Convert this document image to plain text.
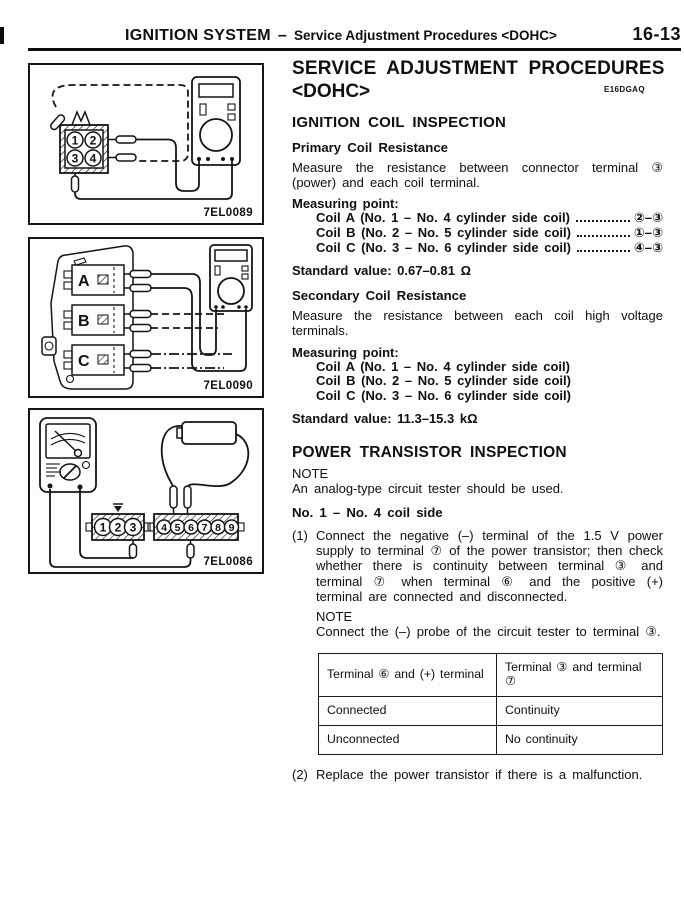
IGNITION SYSTEM – Service Adjustment Procedures <DOHC>	16-13
1 2
3 4
7EL0089
A
B
C
7EL0090
1 2 3 4 5 6 7 8 9
7EL0086
SERVICE ADJUSTMENT PROCEDURES
<DOHC>	E16DGAQ
IGNITION COIL INSPECTION
Primary Coil Resistance
Measure the resistance between connector terminal ③ (power) and each coil terminal.
Measuring point:
Coil A (No. 1 – No. 4 cylinder side coil)	②–③
Coil B (No. 2 – No. 5 cylinder side coil)	①–③
Coil C (No. 3 – No. 6 cylinder side coil)	④–③
Standard value: 0.67–0.81 Ω
Secondary Coil Resistance
Measure the resistance between each coil high voltage terminals.
Measuring point:
Coil A (No. 1 – No. 4 cylinder side coil)
Coil B (No. 2 – No. 5 cylinder side coil)
Coil C (No. 3 – No. 6 cylinder side coil)
Standard value: 11.3–15.3 kΩ
POWER TRANSISTOR INSPECTION
NOTE
An analog-type circuit tester should be used.
No. 1 – No. 4 coil side
(1) Connect the negative (–) terminal of the 1.5 V power supply to terminal ⑦ of the power transistor; then check whether there is continuity between terminal ③ and terminal ⑦ when terminal ⑥ and the positive (+) terminal are connected and disconnected.
NOTE
Connect the (–) probe of the circuit tester to terminal ③.
Terminal ⑥ and (+) terminal	Terminal ③ and terminal ⑦
Connected	Continuity
Unconnected	No continuity
(2) Replace the power transistor if there is a malfunction.
